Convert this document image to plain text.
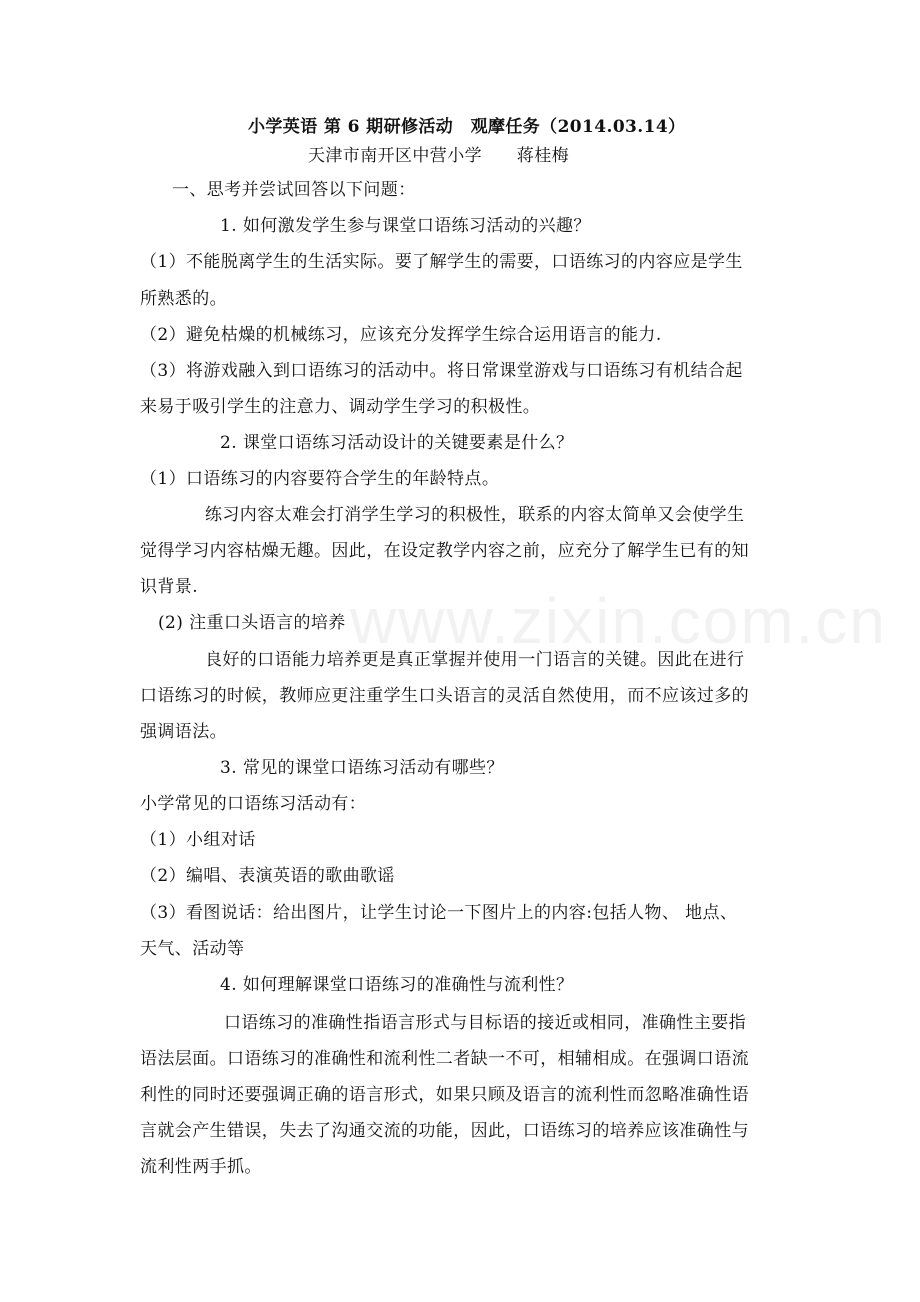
www.zixin.com.cn
小学英语 第 6 期研修活动　观摩任务（2014.03.14）
天津市南开区中营小学　　蒋桂梅
一、思考并尝试回答以下问题：
1. 如何激发学生参与课堂口语练习活动的兴趣？
（1）不能脱离学生的生活实际。要了解学生的需要，口语练习的内容应是学生
所熟悉的。
（2）避免枯燥的机械练习，应该充分发挥学生综合运用语言的能力.
（3）将游戏融入到口语练习的活动中。将日常课堂游戏与口语练习有机结合起
来易于吸引学生的注意力、调动学生学习的积极性。
2. 课堂口语练习活动设计的关键要素是什么？
（1）口语练习的内容要符合学生的年龄特点。
练习内容太难会打消学生学习的积极性，联系的内容太简单又会使学生
觉得学习内容枯燥无趣。因此，在设定教学内容之前，应充分了解学生已有的知
识背景.
(2) 注重口头语言的培养
良好的口语能力培养更是真正掌握并使用一门语言的关键。因此在进行
口语练习的时候，教师应更注重学生口头语言的灵活自然使用，而不应该过多的
强调语法。
3. 常见的课堂口语练习活动有哪些？
小学常见的口语练习活动有：
（1）小组对话
（2）编唱、表演英语的歌曲歌谣
（3）看图说话：给出图片，让学生讨论一下图片上的内容:包括人物、 地点、
天气、活动等
4. 如何理解课堂口语练习的准确性与流利性？
口语练习的准确性指语言形式与目标语的接近或相同，准确性主要指
语法层面。口语练习的准确性和流利性二者缺一不可，相辅相成。在强调口语流
利性的同时还要强调正确的语言形式，如果只顾及语言的流利性而忽略准确性语
言就会产生错误，失去了沟通交流的功能，因此，口语练习的培养应该准确性与
流利性两手抓。
